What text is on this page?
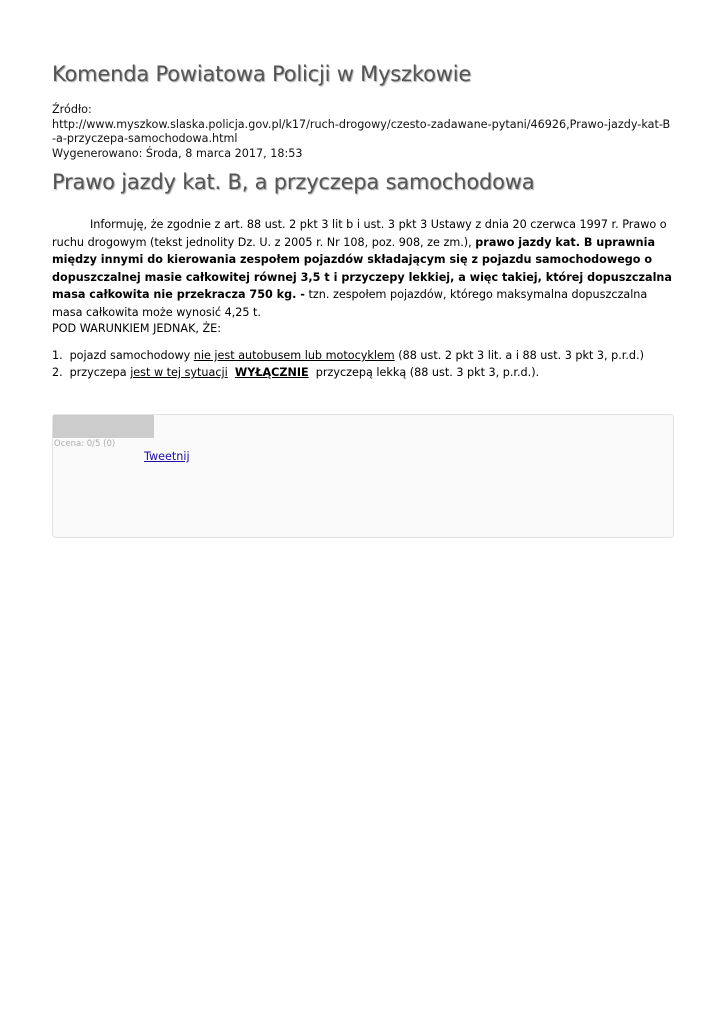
Komenda Powiatowa Policji w Myszkowie
Źródło:
http://www.myszkow.slaska.policja.gov.pl/k17/ruch-drogowy/czesto-zadawane-pytani/46926,Prawo-jazdy-kat-B-a-przyczepa-samochodowa.html
Wygenerowano: Środa, 8 marca 2017, 18:53
Prawo jazdy kat. B, a przyczepa samochodowa

Informuję, że zgodnie z art. 88 ust. 2 pkt 3 lit b i ust. 3 pkt 3 Ustawy z dnia 20 czerwca 1997 r. Prawo o ruchu drogowym (tekst jednolity Dz. U. z 2005 r. Nr 108, poz. 908, ze zm.), prawo jazdy kat. B uprawnia między innymi do kierowania zespołem pojazdów składającym się z pojazdu samochodowego o dopuszczalnej masie całkowitej równej 3,5 t i przyczepy lekkiej, a więc takiej, której dopuszczalna masa całkowita nie przekracza 750 kg. - tzn. zespołem pojazdów, którego maksymalna dopuszczalna masa całkowita może wynosić 4,25 t.

POD WARUNKIEM JEDNAK, ŻE:
1.
pojazd samochodowy nie jest autobusem lub motocyklem (88 ust. 2 pkt 3 lit. a i 88 ust. 3 pkt 3, p.r.d.)
2.
przyczepa jest w tej sytuacji WYŁĄCZNIE przyczepą lekką (88 ust. 3 pkt 3, p.r.d.).
Ocena: 0/5 (0)
Tweetnij
